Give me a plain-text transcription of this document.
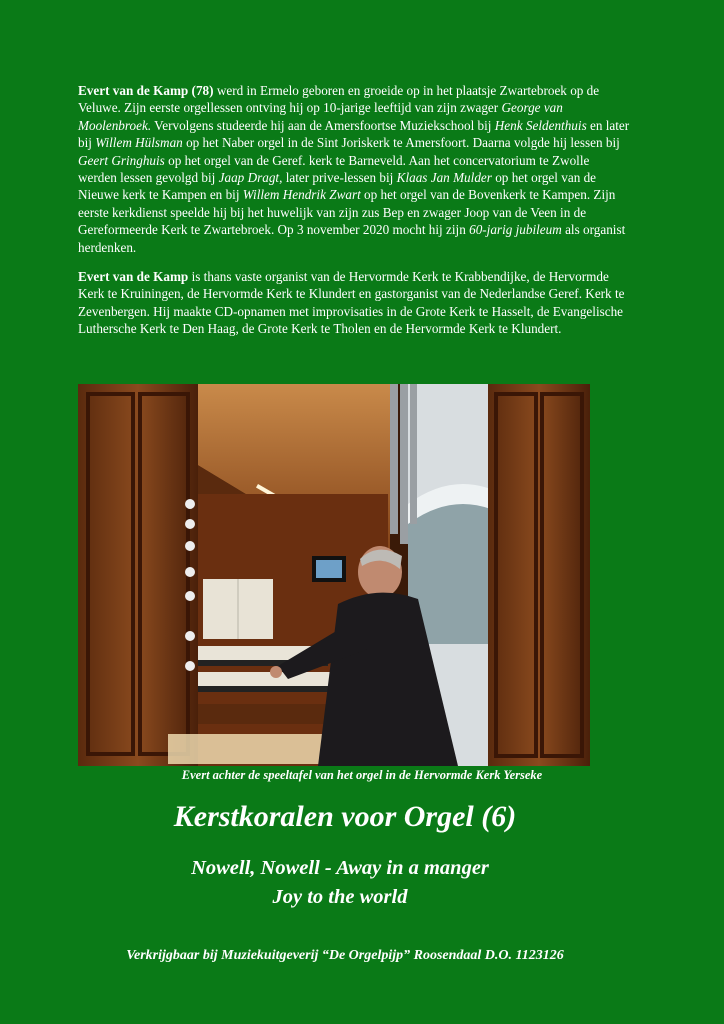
Evert van de Kamp (78) werd in Ermelo geboren en groeide op in het plaatsje Zwartebroek op de Veluwe. Zijn eerste orgellessen ontving hij op 10-jarige leeftijd van zijn zwager George van Moolenbroek. Vervolgens studeerde hij aan de Amersfoortse Muziekschool bij Henk Seldenthuis en later bij Willem Hülsman op het Naber orgel in de Sint Joriskerk te Amersfoort. Daarna volgde hij lessen bij Geert Gringhuis op het orgel van de Geref. kerk te Barneveld. Aan het concervatorium te Zwolle werden lessen gevolgd bij Jaap Dragt, later prive-lessen bij Klaas Jan Mulder op het orgel van de Nieuwe kerk te Kampen en bij Willem Hendrik Zwart op het orgel van de Bovenkerk te Kampen. Zijn eerste kerkdienst speelde hij bij het huwelijk van zijn zus Bep en zwager Joop van de Veen in de Gereformeerde Kerk te Zwartebroek. Op 3 november 2020 mocht hij zijn 60-jarig jubileum als organist herdenken.

Evert van de Kamp is thans vaste organist van de Hervormde Kerk te Krabbendijke, de Hervormde Kerk te Kruiningen, de Hervormde Kerk te Klundert en gastorganist van de Nederlandse Geref. Kerk te Zevenbergen. Hij maakte CD-opnamen met improvisaties in de Grote Kerk te Hasselt, de Evangelische Luthersche Kerk te Den Haag, de Grote Kerk te Tholen en de Hervormde Kerk te Klundert.

Evert achter de speeltafel van het orgel in de Hervormde Kerk Yerseke
Kerstkoralen voor Orgel (6)
Nowell, Nowell - Away in a manger
Joy to the world
Verkrijgbaar bij Muziekuitgeverij “De Orgelpijp” Roosendaal D.O. 1123126
